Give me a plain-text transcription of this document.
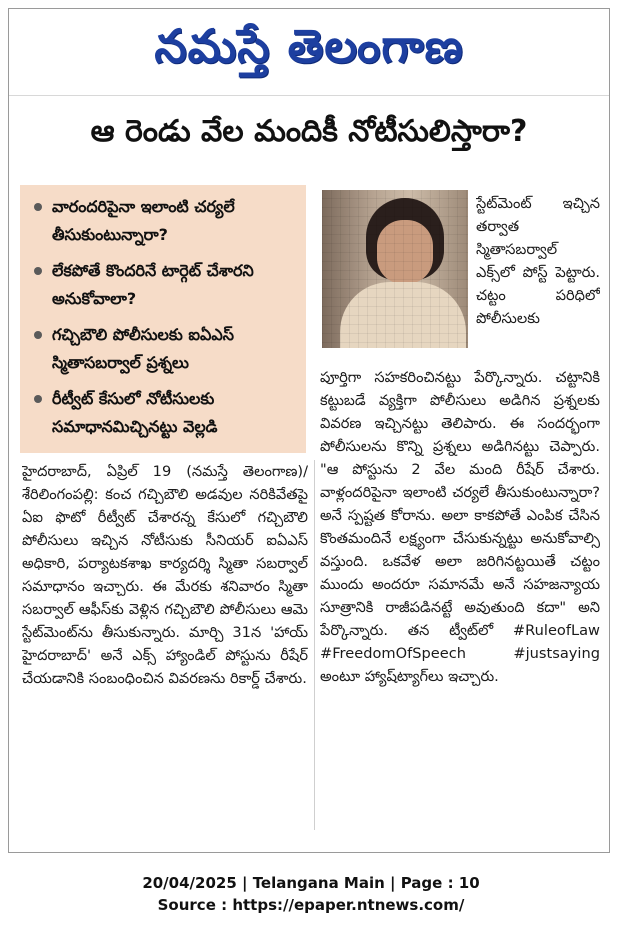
నమస్తే తెలంగాణ
ఆ రెండు వేల మందికీ నోటీసులిస్తారా?
వారందరిపైనా ఇలాంటి చర్యలే తీసుకుంటున్నారా?
లేకపోతే కొందరినే టార్గెట్ చేశారని అనుకోవాలా?
గచ్చిబౌలి పోలీసులకు ఐఏఎస్ స్మితాసబర్వాల్ ప్రశ్నలు
రీట్వీట్ కేసులో నోటీసులకు సమాధానమిచ్చినట్టు వెల్లడి
స్టేట్‌మెంట్ ఇచ్చిన తర్వాత స్మితాసబర్వాల్ ఎక్స్‌లో పోస్ట్ పెట్టారు. చట్టం పరిధిలో పోలీసులకు
హైదరాబాద్, ఏప్రిల్ 19 (నమస్తే తెలంగాణ)/శేరిలింగంపల్లి: కంచ గచ్చిబౌలి అడవుల నరికివేతపై ఏఐ ఫొటో రీట్వీట్ చేశారన్న కేసులో గచ్చిబౌలి పోలీసులు ఇచ్చిన నోటీసుకు సీనియర్ ఐఏఎస్ అధికారి, పర్యాటకశాఖ కార్యదర్శి స్మితా సబర్వాల్ సమాధానం ఇచ్చారు. ఈ మేరకు శనివారం స్మితా సబర్వాల్ ఆఫీస్‌కు వెళ్లిన గచ్చిబౌలి పోలీసులు ఆమె స్టేట్‌మెంట్‌ను తీసుకున్నారు. మార్చి 31న 'హాయ్ హైదరాబాద్' అనే ఎక్స్ హ్యాండిల్ పోస్టును రీషేర్ చేయడానికి సంబంధించిన వివరణను రికార్డ్ చేశారు.
పూర్తిగా సహకరించినట్టు పేర్కొన్నారు. చట్టానికి కట్టుబడే వ్యక్తిగా పోలీసులు అడిగిన ప్రశ్నలకు వివరణ ఇచ్చినట్టు తెలిపారు. ఈ సందర్భంగా పోలీసులను కొన్ని ప్రశ్నలు అడిగినట్టు చెప్పారు. "ఆ పోస్టును 2 వేల మంది రీషేర్ చేశారు. వాళ్లందరిపైనా ఇలాంటి చర్యలే తీసుకుంటున్నారా? అనే స్పష్టత కోరాను. అలా కాకపోతే ఎంపిక చేసిన కొంతమందినే లక్ష్యంగా చేసుకున్నట్టు అనుకోవాల్సి వస్తుంది. ఒకవేళ అలా జరిగినట్టయితే చట్టం ముందు అందరూ సమానమే అనే సహజన్యాయ సూత్రానికి రాజీపడినట్టే అవుతుంది కదా" అని పేర్కొన్నారు. తన ట్వీట్‌లో #RuleofLaw #FreedomOfSpeech #justsaying అంటూ హ్యాష్‌ట్యాగ్‌లు ఇచ్చారు.
20/04/2025 | Telangana Main | Page : 10
Source : https://epaper.ntnews.com/
